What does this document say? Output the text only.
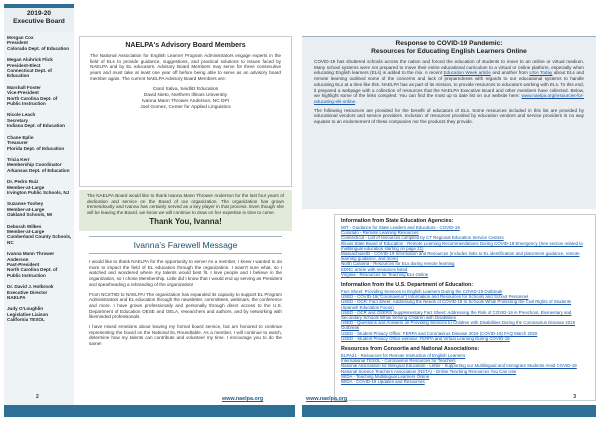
2019-20
Executive Board
Morgan Cox
President
Colorado Dept. of Education
Megan Aluhrick Flick
President-Elect
Connecticut Dept. of Education
Marshall Foster
Vice-President
North Carolina Dept. of Public Instruction
Nicole Leach
Secretary
Indiana Dept. of Education
Chane Eplin
Treasurer
Florida Dept. of Education
Tricia Kerr
Membership Coordinator
Arkansas Dept. of Education
Dr. Pedro Ruiz
Member-at-Large
Irvington Public Schools, NJ
Suzanne Toohey
Member-at-Large
Oakland Schools, MI
Deborah Wilkes
Member-at-Large
Cumberland County Schools, NC
Ivanna Mann Thrower Anderson
Past-President
North Carolina Dept. of Public Instruction
Dr. David J. Holbrook
Executive Director
NAELPA
Judy O'Loughlin
Legislative Liaison
California TESOL
NAELPA's Advisory Board Members
The National Association for English Learner Program Administrators engage experts in the field of ELs to provide guidance, suggestions, and practical solutions to issues faced by NAELPA and by EL educators. Advisory Board Members may serve for three consecutive years and must take at least one year off before being able to serve as an advisory board member again. The current NAELPA Advisory Board Members are:
Carol Salva, Seidlitz Education
David Nieto, Northern Illinois University
Ivanna Mann Thrower Anderson, NC DPI
Joel Gomez, Center for Applied Linguistics
The NAELPA Board would like to thank Ivanna Mann Thrower Anderson for the last four years of dedication and service on the Board of our organization. The organization has grown tremendously and Ivanna has certainly served as a key player in that process. Even though she will be leaving the Board, we know we will continue to draw on her expertise in time to come.
Thank You, Ivanna!
Ivanna's Farewell Message

I would like to thank NAELPA for the opportunity to serve! As a member, I knew I wanted to do more to impact the field of EL education through the organization. I wasn't sure what, so I watched and wondered where my talents would best fit. I love people and I believe in the organization, so I chose Membership. Little did I know that I would end up serving as President and spearheading a rebranding of the organization!

From NCSTIID to NAELPA! The organization has expanded its capacity to support EL Program Administrators and EL education through the newsletter, committees, webinars, the conference and more. I have grown professionally and personally through direct access to the U.S. Department of Education OESE and OELA, researchers and authors, and by networking with likeminded professionals.

I have mixed emotions about leaving my formal board service, but am honored to continue representing the board on the National EL Roundtable. As a member, I will continue to watch, determine how my talents can contribute and volunteer my time. I encourage you to do the same!

2	www.naelpa.org
Response to COVID-19 Pandemic:
Resources for Educating English Learners Online

COVID-19 has shuttered schools across the nation and forced the education of students to move to an online or virtual medium. Many school systems were not prepared to move their entire educational curriculum to a virtual or online platform, especially when educating English learners (ELs) is added to the mix. A recent Education Week article and another from USA Today about ELs and remote learning outlined some of the concerns and lack of preparedness with regards to our educational systems to handle educating ELs at a time like this. NAELPA has as part of its mission, to provide resources to educators working with ELs. To this end, it prepared a webpage with a collection of resources that the NAELPA Executive Board and other members have collected. Below, we highlight some of the links compiled. You can find the most up to date list on our website here: www.naelpa.org/resources-for-educating-els-online.

The following resources are provided for the benefit of educators of ELs. Some resources included in this list are provided by educational vendors and service providers. Inclusion of resources provided by education vendors and service providers in no way equates to an endorsement of these companies nor the products they provide.

Information from State Education Agencies:
MIT - Guidance for State Leaders and Educators - COVID-19
Colorado - Remote Learning Resources
Connecticut - List of resources compiled by CT Regional Education Service Centers
Illinois State Board of Education - Remote Learning Recommendations During COVID-19 Emergency (See section related to multilingual education starting on page 21)
Massachusetts - COVID-19 Information and Resources (Includes links to EL identification and placement guidance, remote learning guidance, and more)
North Carolina - Resources for ELs during remote learning
EDNC article with resources listed
Virginia - Resources for Teaching ELs Online
Information from the U.S. Department of Education:
Fact Sheet: Providing Services to English Learners During the COVID-19 Outbreak
USED - COVID-19("Coronavirus") Information and Resources for Schools and School Personnel
USED - OCR: Fact Sheet: Addressing the Needs of COVID-19 In Schools While Protecting the Civil Rights of Students (Spanish Education Focus)
USED - OCR and OSERS Supplementary Fact Sheet: Addressing the Risk of COVID-19 in Preschool, Elementary and Secondary Schools While Serving Children with Disabilities
USED - Questions and Answers on Providing Services to Children with Disabilities During the Coronavirus Disease 2019 Outbreak
USED - Student Privacy Office: FERPA and Coronavirus Disease 2019 (COVID-19) FAQ March 2020
USED - Student Privacy Office webinar: FERPA and Virtual Learning During COVID-19
Resources from Consortia and National Associations:
ELPA21 - Resources for Remote Instruction of English Learners
International TESOL - Coronavirus Resources for Teachers
National Association for Bilingual Education - Letter - Supporting our Multilingual and Immigrant Students Amid COVID-19
National Science Teachers Association (NSTA) - Online Teaching Resources You Can Use
WIDA - Teaching Multilingual Learners Online
WIDA - COVID-19 Updates and Resources
3
www.naelpa.org
